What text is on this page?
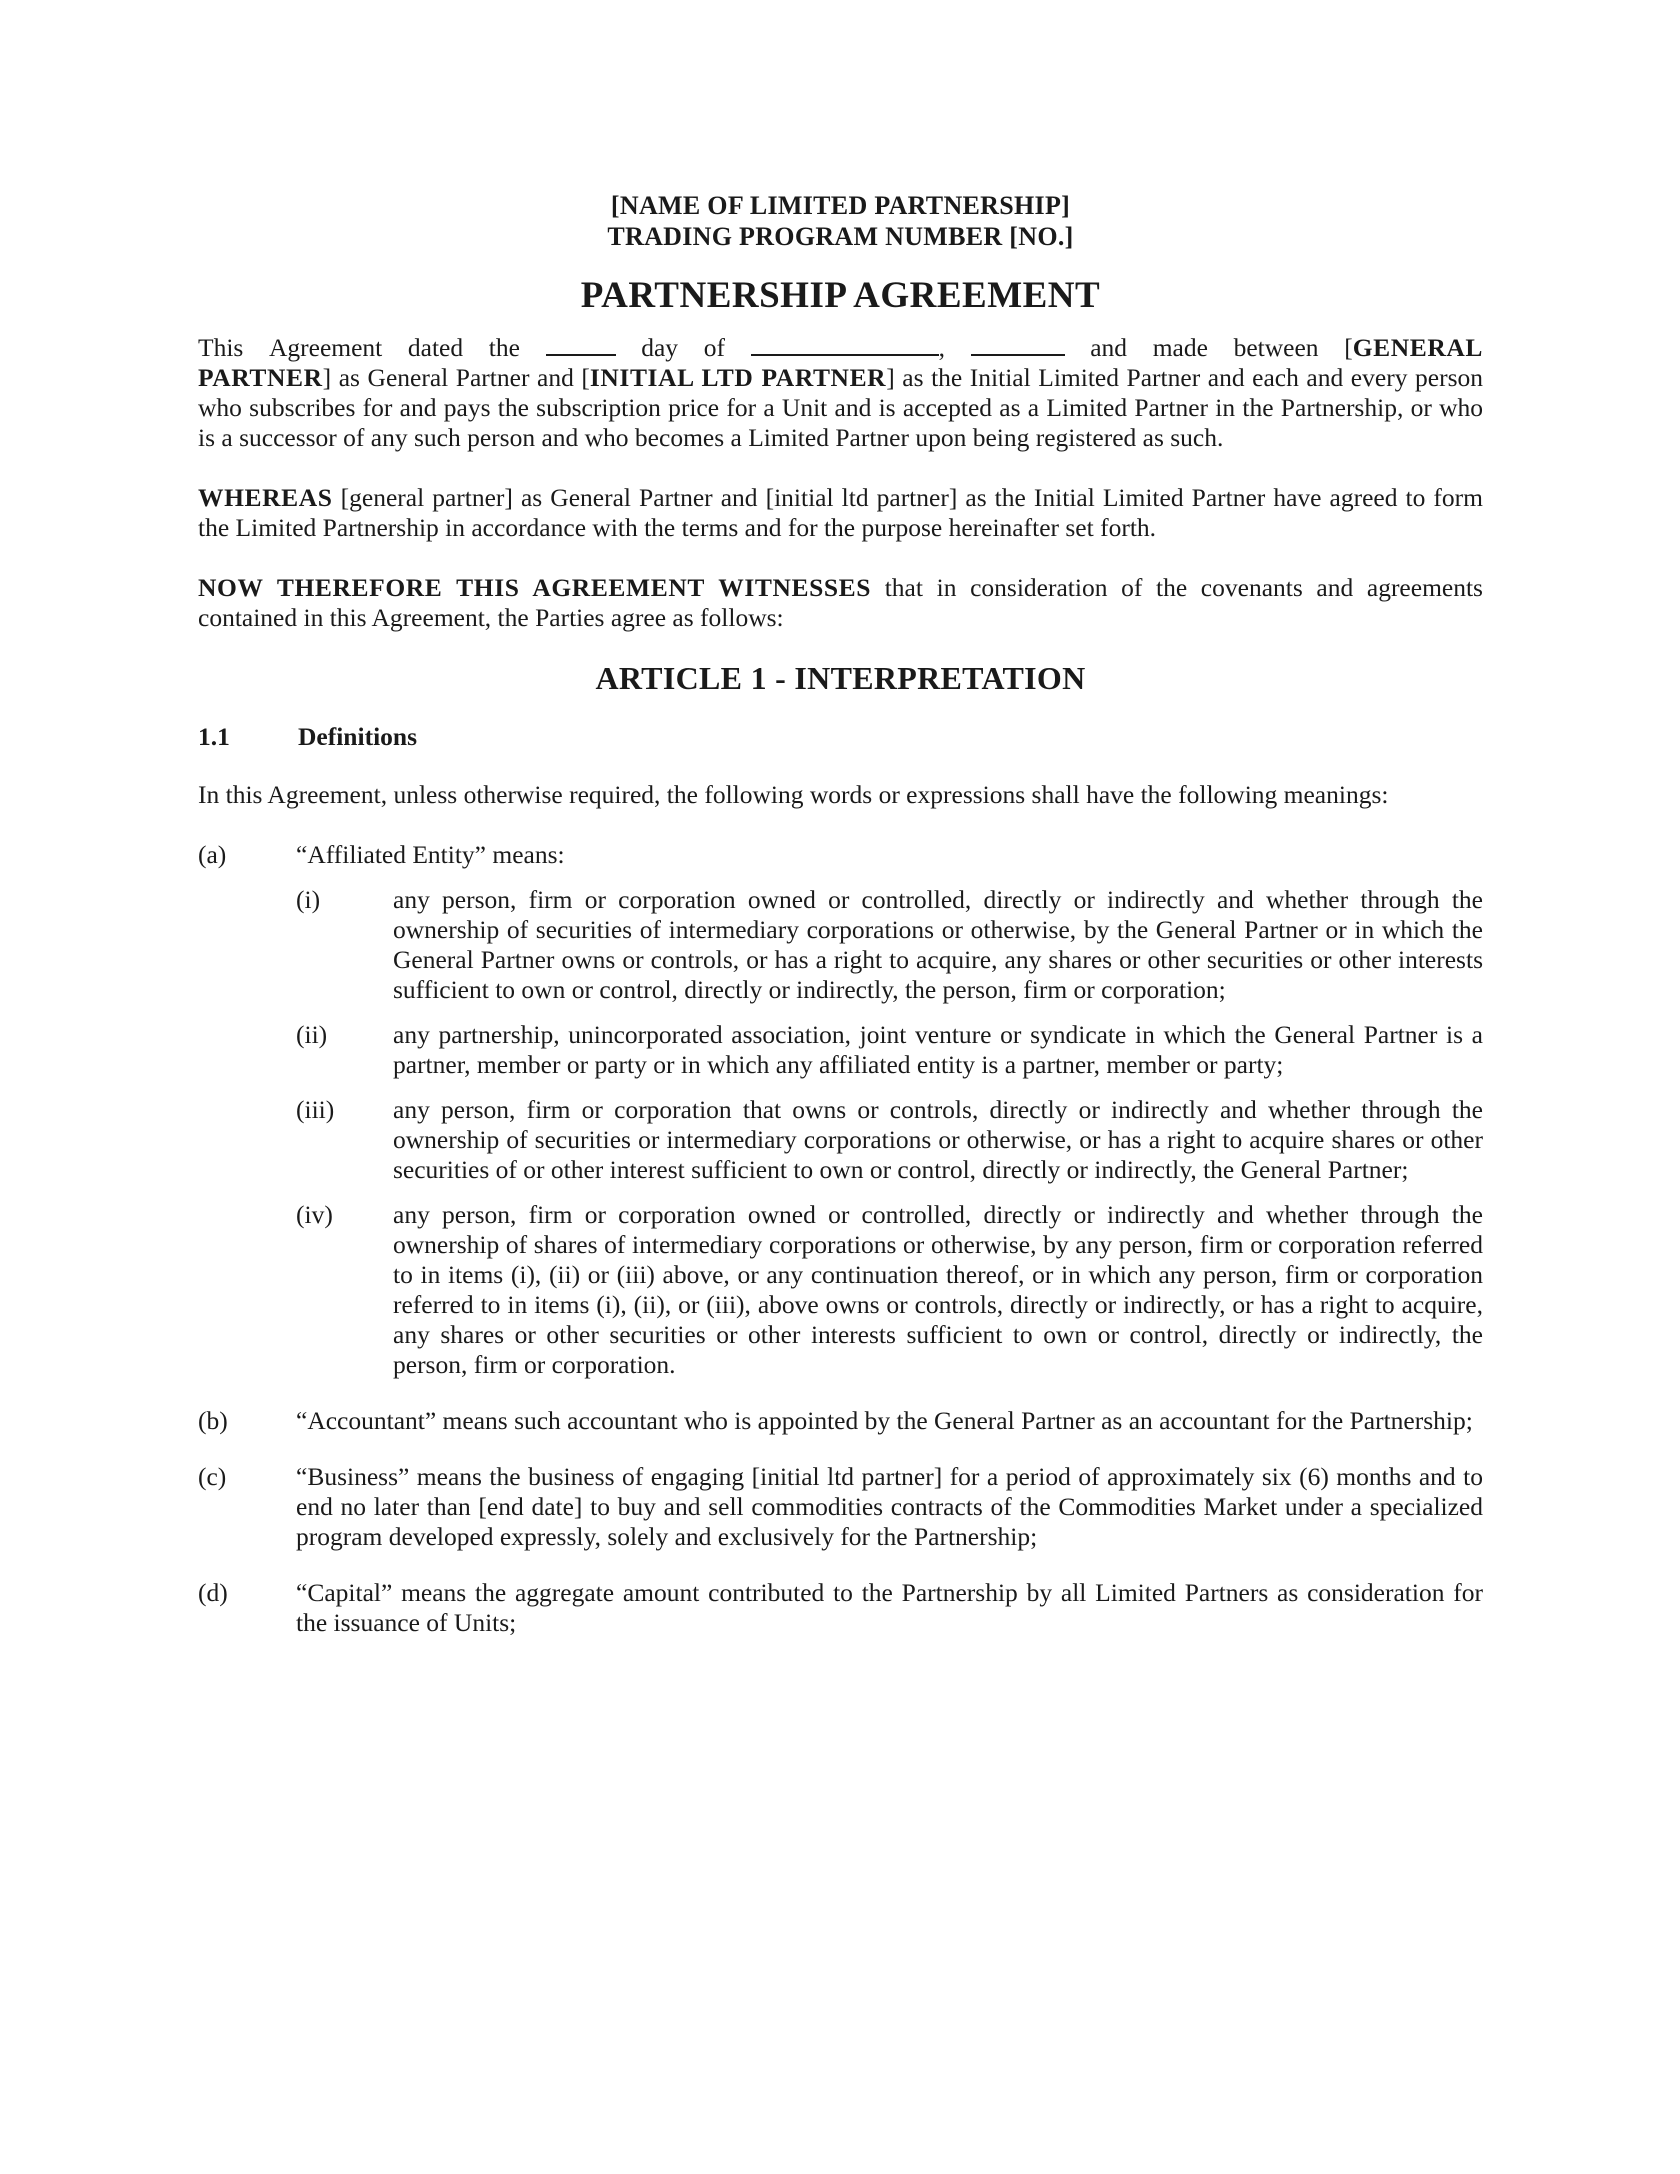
[NAME OF LIMITED PARTNERSHIP]
TRADING PROGRAM NUMBER [NO.]
PARTNERSHIP AGREEMENT
This Agreement dated the	day of	,	and made between [GENERAL

PARTNER] as General Partner and [INITIAL LTD PARTNER] as the Initial Limited Partner and each and every person who subscribes for and pays the subscription price for a Unit and is accepted as a Limited Partner in the Partnership, or who is a successor of any such person and who becomes a Limited Partner upon being registered as such.

WHEREAS [general partner] as General Partner and [initial ltd partner] as the Initial Limited Partner have agreed to form the Limited Partnership in accordance with the terms and for the purpose hereinafter set forth.

NOW THEREFORE THIS AGREEMENT WITNESSES that in consideration of the covenants and agreements contained in this Agreement, the Parties agree as follows:

ARTICLE 1 - INTERPRETATION
1.1	Definitions

In this Agreement, unless otherwise required, the following words or expressions shall have the following meanings:

(a)	“Affiliated Entity” means:
(i)	any person, firm or corporation owned or controlled, directly or indirectly and whether through the ownership of securities of intermediary corporations or otherwise, by the General Partner or in which the General Partner owns or controls, or has a right to acquire, any shares or other securities or other interests sufficient to own or control, directly or indirectly, the person, firm or corporation;
(ii)	any partnership, unincorporated association, joint venture or syndicate in which the General Partner is a partner, member or party or in which any affiliated entity is a partner, member or party;
(iii)	any person, firm or corporation that owns or controls, directly or indirectly and whether through the ownership of securities or intermediary corporations or otherwise, or has a right to acquire shares or other securities of or other interest sufficient to own or control, directly or indirectly, the General Partner;
(iv)	any person, firm or corporation owned or controlled, directly or indirectly and whether through the ownership of shares of intermediary corporations or otherwise, by any person, firm or corporation referred to in items (i), (ii) or (iii) above, or any continuation thereof, or in which any person, firm or corporation referred to in items (i), (ii), or (iii), above owns or controls, directly or indirectly, or has a right to acquire, any shares or other securities or other interests sufficient to own or control, directly or indirectly, the person, firm or corporation.
(b)	“Accountant” means such accountant who is appointed by the General Partner as an accountant for the Partnership;
(c)	“Business” means the business of engaging [initial ltd partner] for a period of approximately six (6) months and to end no later than [end date] to buy and sell commodities contracts of the Commodities Market under a specialized program developed expressly, solely and exclusively for the Partnership;
(d)	“Capital” means the aggregate amount contributed to the Partnership by all Limited Partners as consideration for the issuance of Units;
